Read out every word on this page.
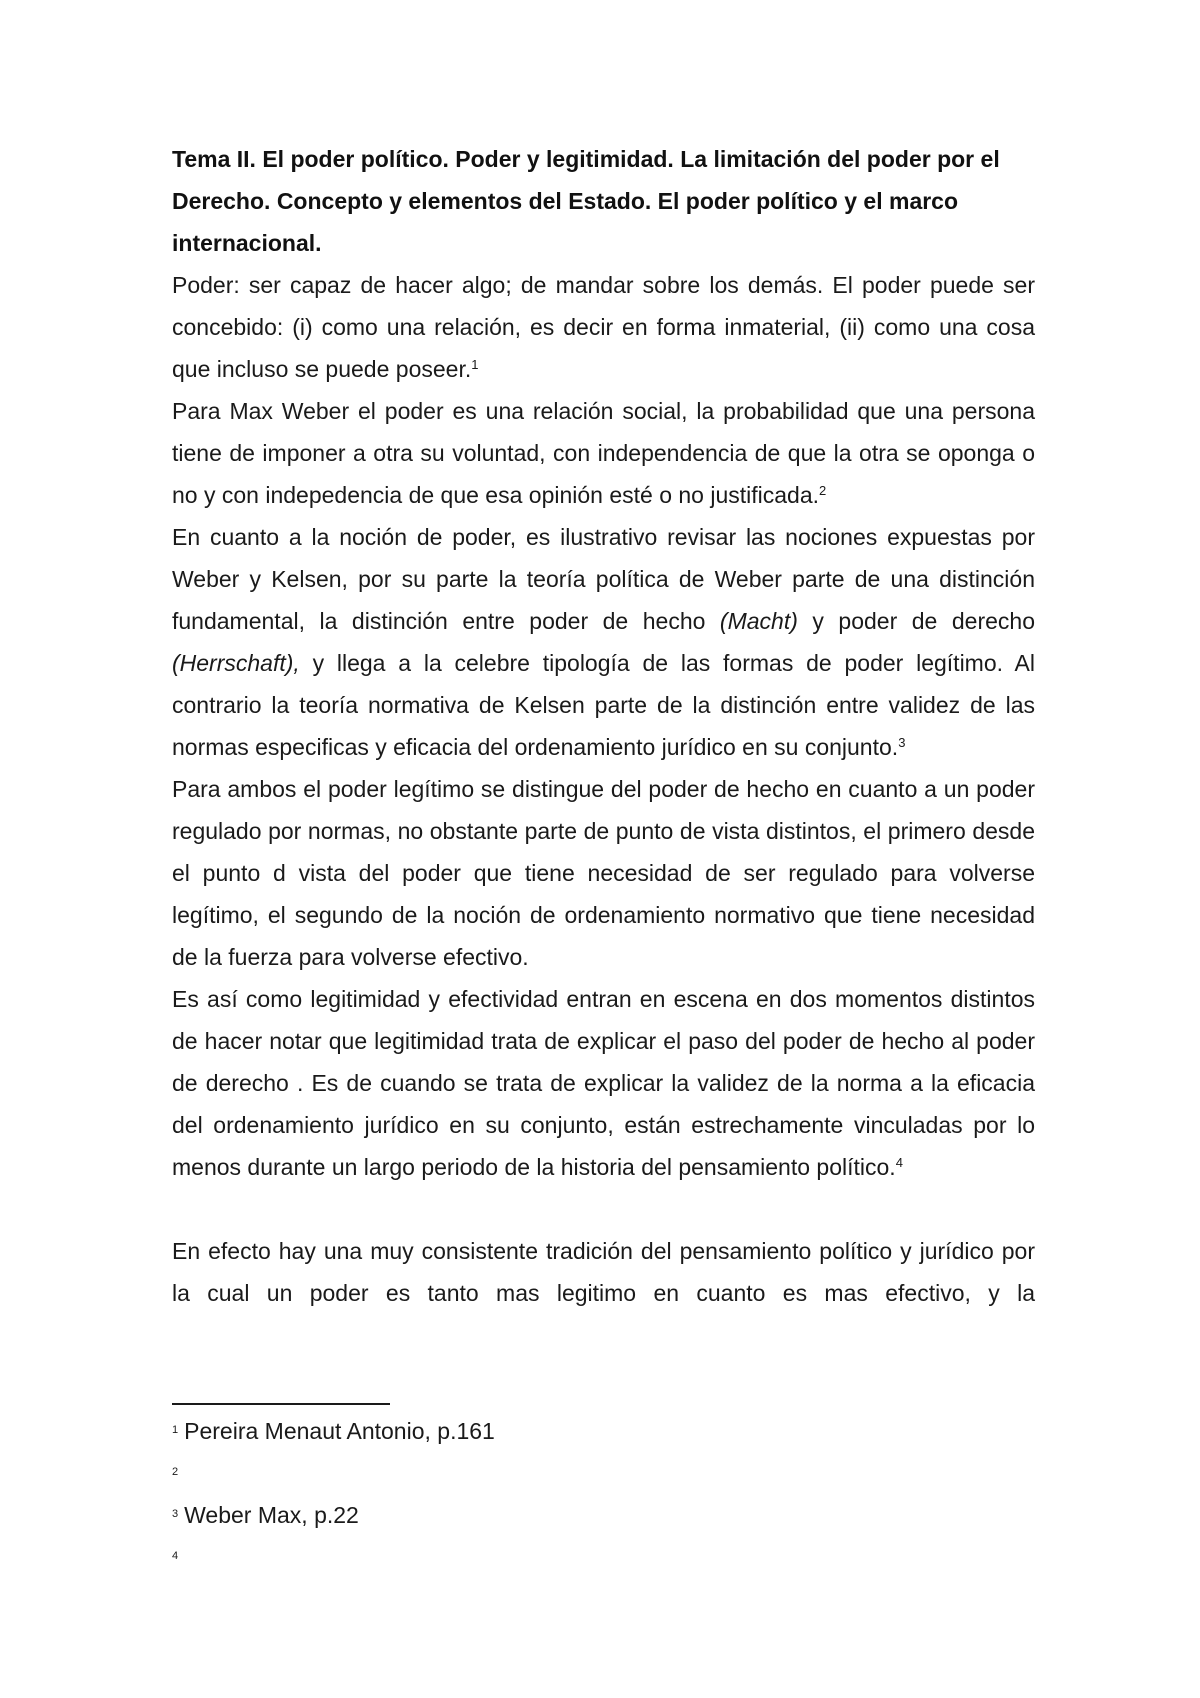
Tema II. El poder político. Poder y legitimidad. La limitación del poder por el Derecho. Concepto y elementos del Estado. El poder político y el marco internacional.

Poder: ser capaz de hacer algo; de mandar sobre los demás. El poder puede ser concebido: (i) como una relación, es decir en forma inmaterial, (ii) como una cosa que incluso se puede poseer.$^1$

Para Max Weber el poder es una relación social, la probabilidad que una persona tiene de imponer a otra su voluntad, con independencia de que la otra se oponga o no y con indepedencia de que esa opinión esté o no justificada.$^2$

En cuanto a la noción de poder, es ilustrativo revisar las nociones expuestas por Weber y Kelsen, por su parte la teoría política de Weber parte de una distinción fundamental, la distinción entre poder de hecho (Macht) y poder de derecho (Herrschaft), y llega a la celebre tipología de las formas de poder legítimo. Al contrario la teoría normativa de Kelsen parte de la distinción entre validez de las normas especificas y eficacia del ordenamiento jurídico en su conjunto.$^3$

Para ambos el poder legítimo se distingue del poder de hecho en cuanto a un poder regulado por normas, no obstante parte de punto de vista distintos, el primero desde el punto d vista del poder que tiene necesidad de ser regulado para volverse legítimo, el segundo de la noción de ordenamiento normativo que tiene necesidad de la fuerza para volverse efectivo.

Es así como legitimidad y efectividad entran en escena en dos momentos distintos de hacer notar que legitimidad trata de explicar el paso del poder de hecho al poder de derecho . Es de cuando se trata de explicar la validez de la norma a la eficacia del ordenamiento jurídico en su conjunto, están estrechamente vinculadas por lo menos durante un largo periodo de la historia del pensamiento político.$^4$

En efecto hay una muy consistente tradición del pensamiento político y jurídico por la cual un poder es tanto mas legitimo en cuanto es mas efectivo, y la

1 Pereira Menaut Antonio, p.161
2
3 Weber Max, p.22
4
